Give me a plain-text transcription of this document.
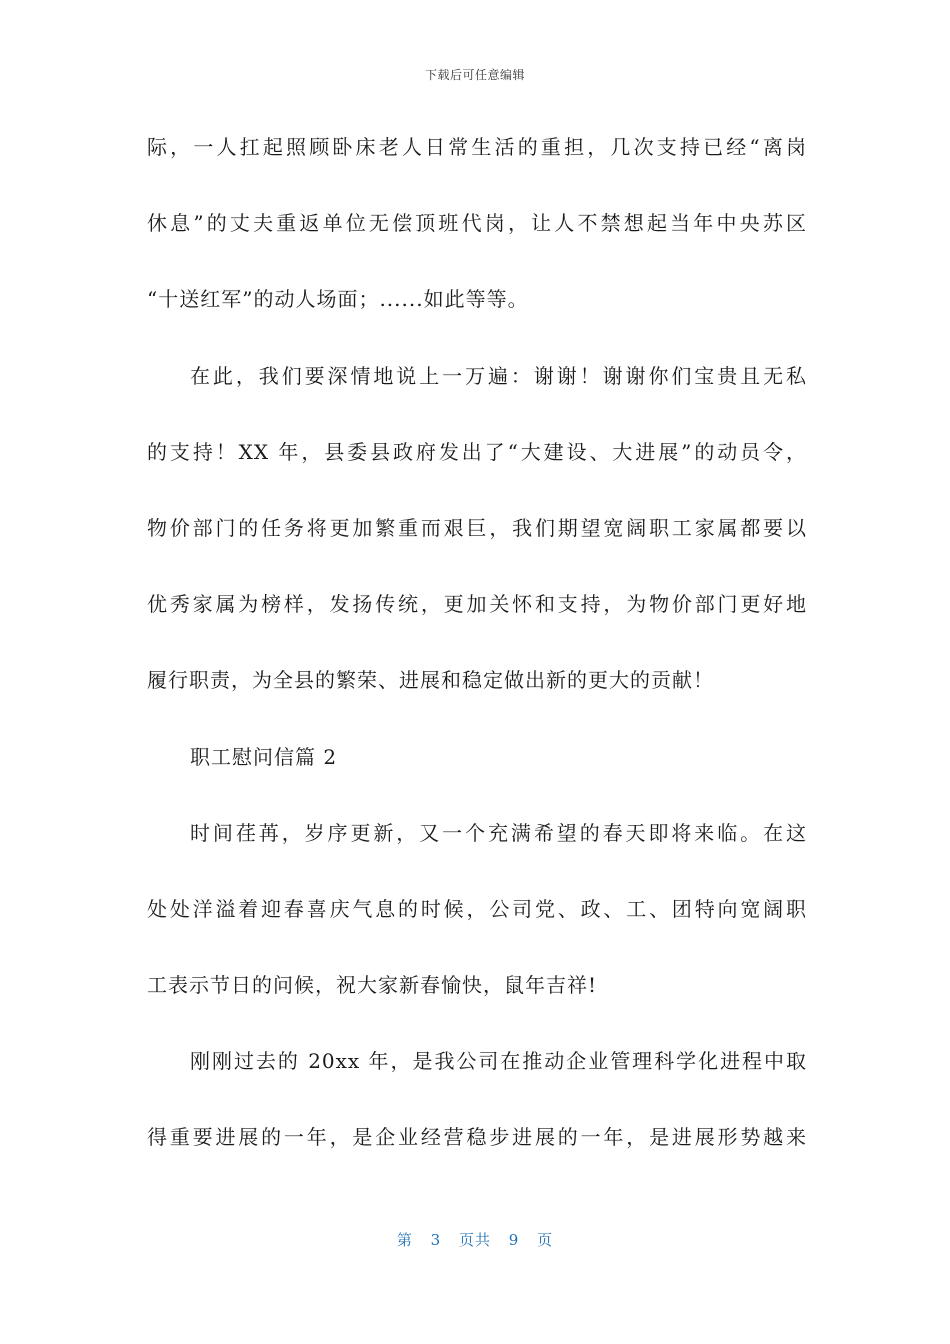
下载后可任意编辑
际，一人扛起照顾卧床老人日常生活的重担，几次支持已经“离岗
休息”的丈夫重返单位无偿顶班代岗，让人不禁想起当年中央苏区
“十送红军”的动人场面；......如此等等。
在此，我们要深情地说上一万遍：谢谢！谢谢你们宝贵且无私
的支持！XX 年，县委县政府发出了“大建设、大进展”的动员令，
物价部门的任务将更加繁重而艰巨，我们期望宽阔职工家属都要以
优秀家属为榜样，发扬传统，更加关怀和支持，为物价部门更好地
履行职责，为全县的繁荣、进展和稳定做出新的更大的贡献！
职工慰问信篇 2
时间荏苒，岁序更新，又一个充满希望的春天即将来临。在这
处处洋溢着迎春喜庆气息的时候，公司党、政、工、团特向宽阔职
工表示节日的问候，祝大家新春愉快，鼠年吉祥!
刚刚过去的 20xx 年，是我公司在推动企业管理科学化进程中取
得重要进展的一年，是企业经营稳步进展的一年，是进展形势越来
第 3 页共 9 页
